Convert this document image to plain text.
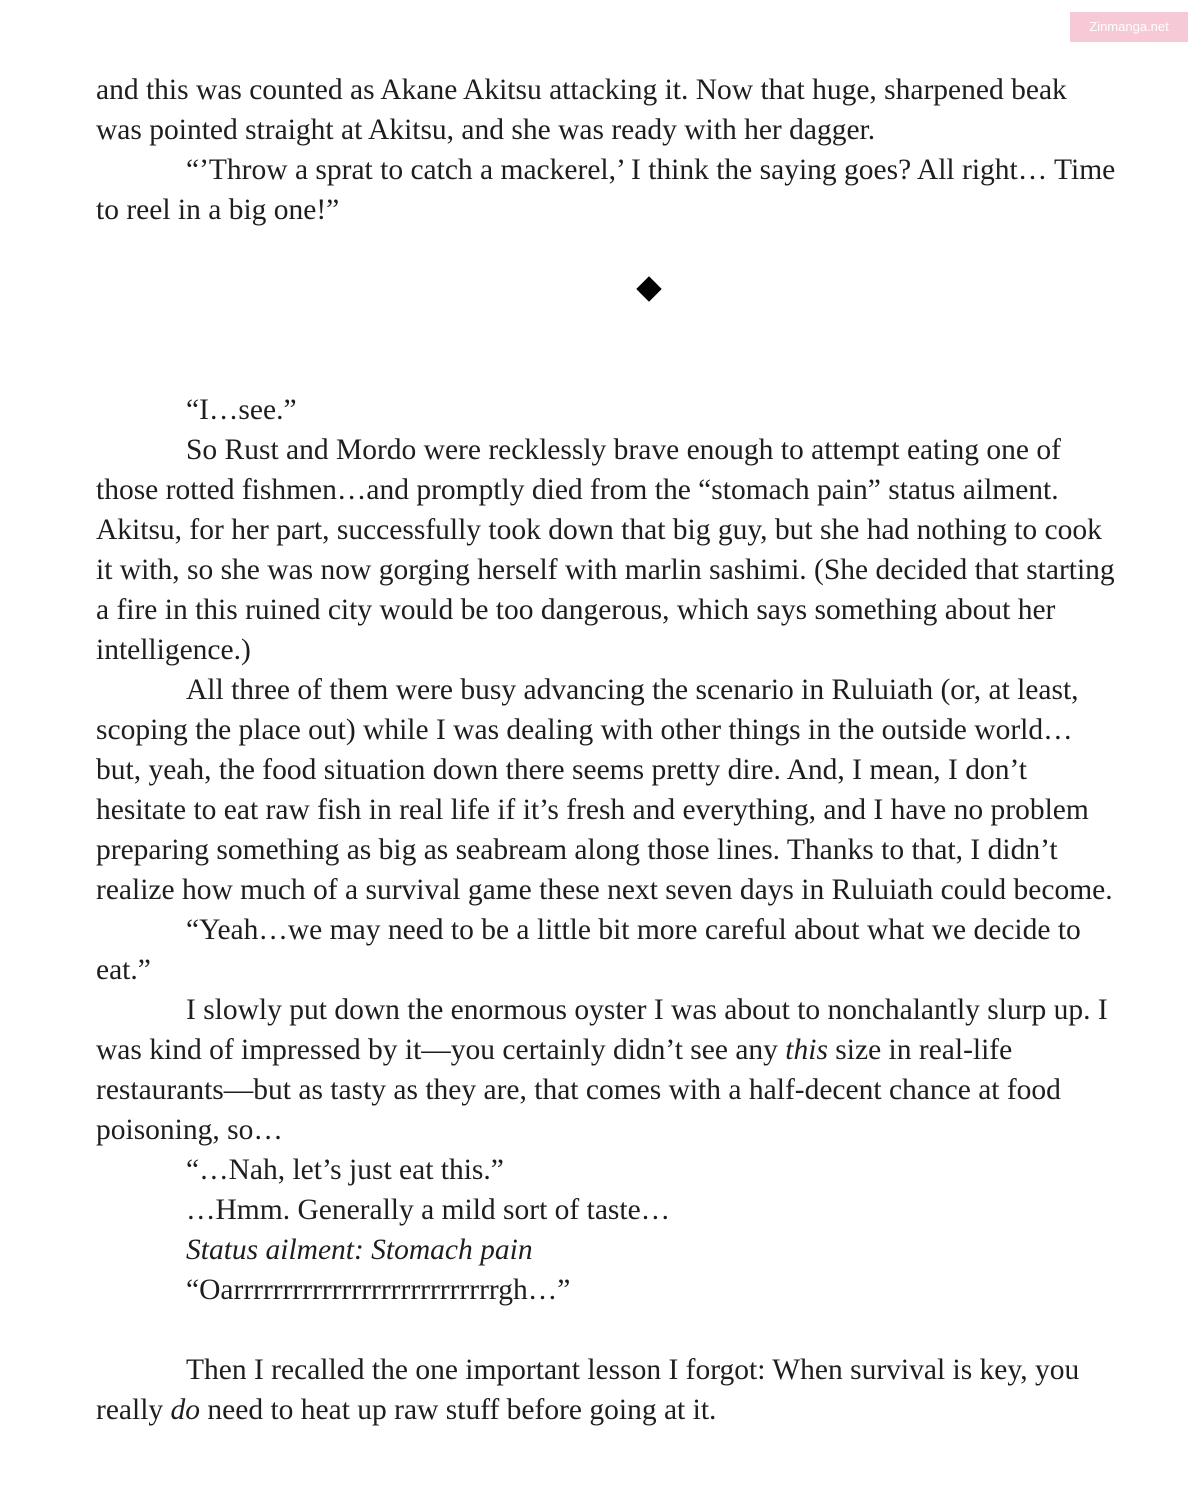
Zinmanga.net

and this was counted as Akane Akitsu attacking it. Now that huge, sharpened beak was pointed straight at Akitsu, and she was ready with her dagger.

“’Throw a sprat to catch a mackerel,’ I think the saying goes? All right… Time to reel in a big one!”

“I…see.”

So Rust and Mordo were recklessly brave enough to attempt eating one of those rotted fishmen…and promptly died from the “stomach pain” status ailment. Akitsu, for her part, successfully took down that big guy, but she had nothing to cook it with, so she was now gorging herself with marlin sashimi. (She decided that starting a fire in this ruined city would be too dangerous, which says something about her intelligence.)

All three of them were busy advancing the scenario in Ruluiath (or, at least, scoping the place out) while I was dealing with other things in the outside world…but, yeah, the food situation down there seems pretty dire. And, I mean, I don’t hesitate to eat raw fish in real life if it’s fresh and everything, and I have no problem preparing something as big as seabream along those lines. Thanks to that, I didn’t realize how much of a survival game these next seven days in Ruluiath could become.

“Yeah…we may need to be a little bit more careful about what we decide to eat.”

I slowly put down the enormous oyster I was about to nonchalantly slurp up. I was kind of impressed by it—you certainly didn’t see any this size in real-life restaurants—but as tasty as they are, that comes with a half-decent chance at food poisoning, so…

“…Nah, let’s just eat this.”

…Hmm. Generally a mild sort of taste…

Status ailment: Stomach pain

“Oarrrrrrrrrrrrrrrrrrrrrrrrrrrgh…”

Then I recalled the one important lesson I forgot: When survival is key, you really do need to heat up raw stuff before going at it.
